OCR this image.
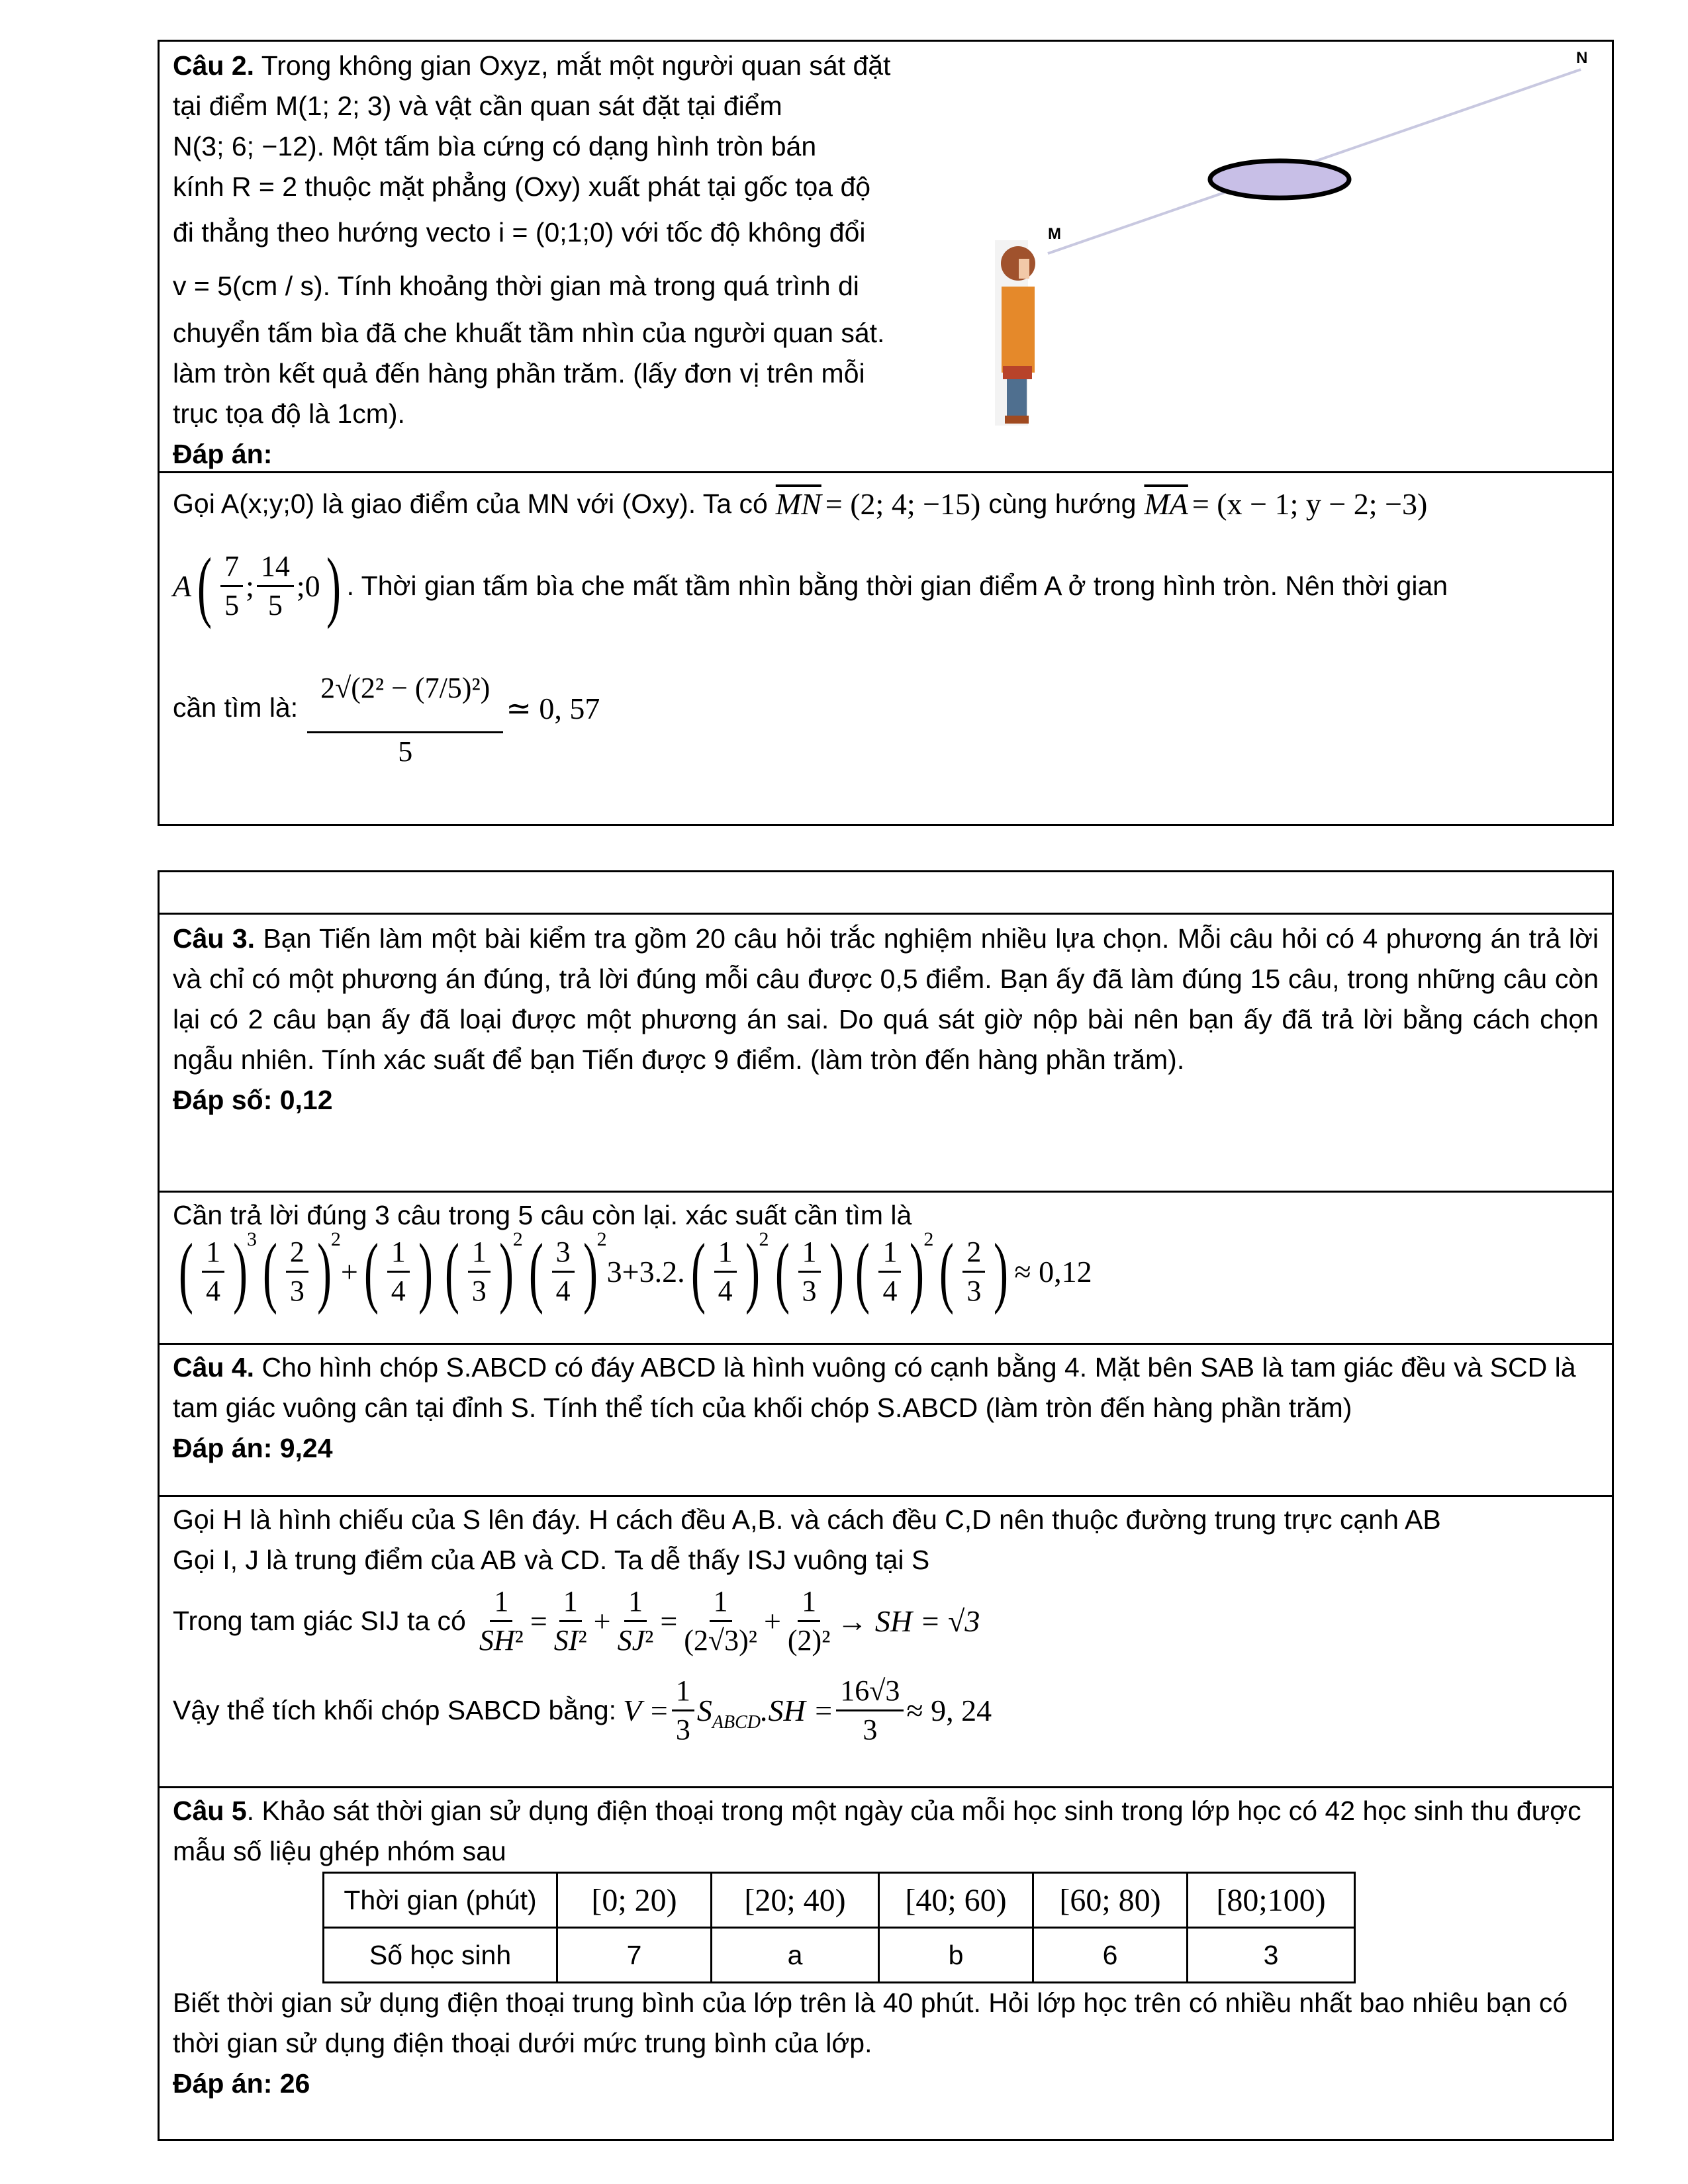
Câu 2. Trong không gian Oxyz, mắt một người quan sát đặt
tại điểm M(1; 2; 3) và vật cần quan sát đặt tại điểm
N(3; 6; −12). Một tấm bìa cứng có dạng hình tròn bán
kính R = 2 thuộc mặt phẳng (Oxy) xuất phát tại gốc tọa độ
đi thẳng theo hướng vecto i = (0;1;0) với tốc độ không đổi
v = 5(cm / s). Tính khoảng thời gian mà trong quá trình di
chuyển tấm bìa đã che khuất tầm nhìn của người quan sát.
làm tròn kết quả đến hàng phần trăm. (lấy đơn vị trên mỗi
trục tọa độ là 1cm).
Đáp án:
N
M
Gọi A(x;y;0) là giao điểm của MN với (Oxy). Ta có $\overline{MN} = (2$; 4; −15) cùng hướng $\overline{MA} = (x - 1$; y − 2; −3)
A ( $\frac{7}{5}$ ; $\frac{14}{5}$ ; 0 ) . Thời gian tấm bìa che mất tầm nhìn bằng thời gian điểm A ở trong hình tròn. Nên thời gian
cần tìm là: $\frac{\text{2√(2² − (7/5)²)}}{5}$ ≃ 0, 57
Câu 3. Bạn Tiến làm một bài kiểm tra gồm 20 câu hỏi trắc nghiệm nhiều lựa chọn. Mỗi câu hỏi có 4 phương án trả lời và chỉ có một phương án đúng, trả lời đúng mỗi câu được 0,5 điểm. Bạn ấy đã làm đúng 15 câu, trong những câu còn lại có 2 câu bạn ấy đã loại được một phương án sai. Do quá sát giờ nộp bài nên bạn ấy đã trả lời bằng cách chọn ngẫu nhiên. Tính xác suất để bạn Tiến được 9 điểm. (làm tròn đến hàng phần trăm).
Đáp số: 0,12
Cần trả lời đúng 3 câu trong 5 câu còn lại. xác suất cần tìm là
( $\frac{1}{4}$ )
3 ( $\frac{2}{3}$ )
2
+ ( $\frac{1}{4}$ ) ( $\frac{1}{3}$ )
2 ( $\frac{3}{4}$ )
2
3+3.2. ( $\frac{1}{4}$ )
2 ( $\frac{1}{3}$ ) ( $\frac{1}{4}$ )
2 ( $\frac{2}{3}$ ) ≈ 0,12
Câu 4. Cho hình chóp S.ABCD có đáy ABCD là hình vuông có cạnh bằng 4. Mặt bên SAB là tam giác đều và SCD là tam giác vuông cân tại đỉnh S. Tính thể tích của khối chóp S.ABCD (làm tròn đến hàng phần trăm)
Đáp án: 9,24
Gọi H là hình chiếu của S lên đáy. H cách đều A,B. và cách đều C,D nên thuộc đường trung trực cạnh AB
Gọi I, J là trung điểm của AB và CD. Ta dễ thấy ISJ vuông tại S
Trong tam giác SIJ ta có $\frac{1}{\text{SH²}} = \frac{1}{\text{SI²}} + \frac{1}{\text{SJ²}} = \frac{1}{\text{(2√3)²}} + \frac{1}{\text{(2)²}}$ → SH = √3
Vậy thể tích khối chóp SABCD bằng: $V = \frac{1}{3}$ S ABCD $.SH = \frac{16√3}{3} \approx 9$, 24
Câu 5. Khảo sát thời gian sử dụng điện thoại trong một ngày của mỗi học sinh trong lớp học có 42 học sinh thu được mẫu số liệu ghép nhóm sau
Thời gian (phút)	[0; 20)	[20; 40)	[40; 60)	[60; 80)	[80;100)
Số học sinh	7	a	b	6	3
Biết thời gian sử dụng điện thoại trung bình của lớp trên là 40 phút. Hỏi lớp học trên có nhiều nhất bao nhiêu bạn có thời gian sử dụng điện thoại dưới mức trung bình của lớp.
Đáp án: 26
